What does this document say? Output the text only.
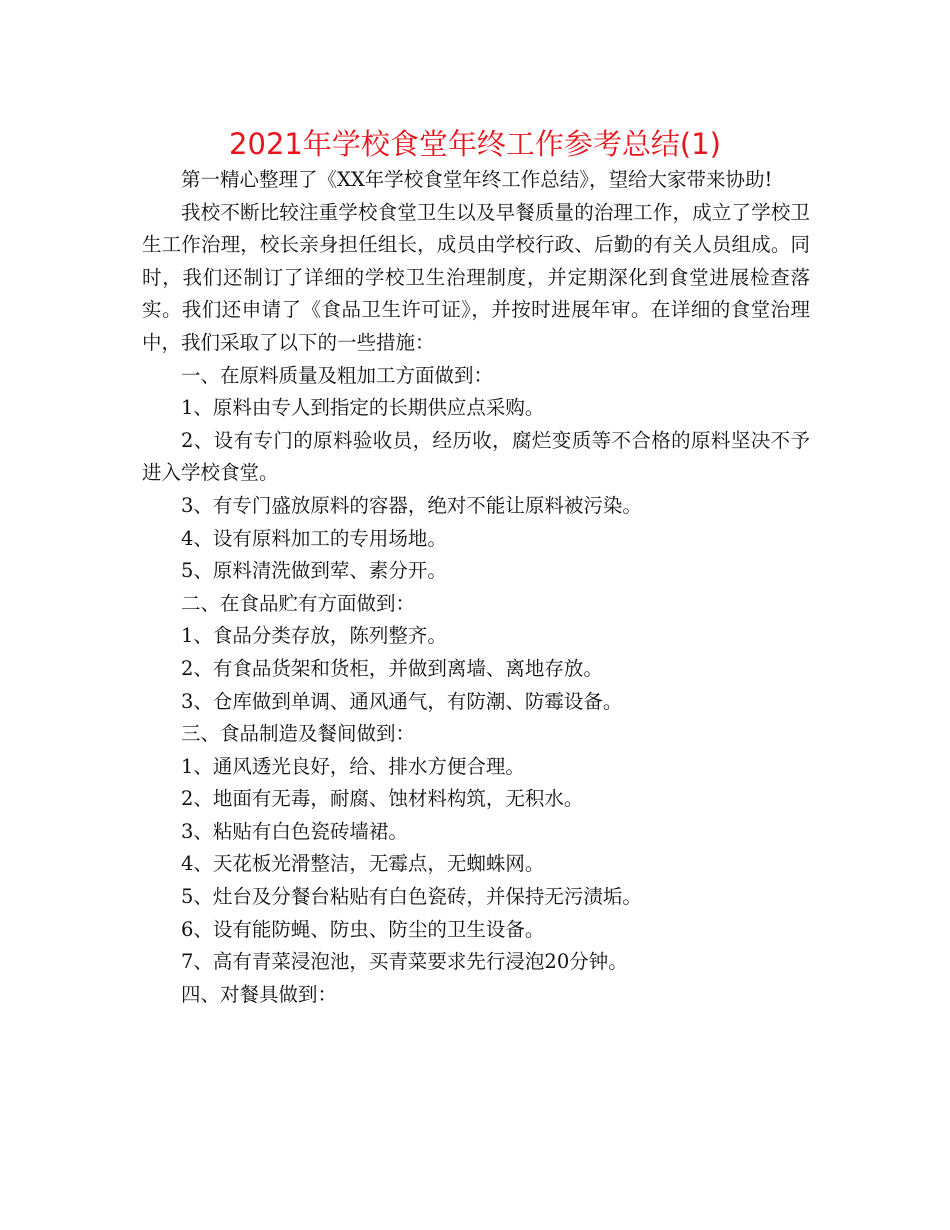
2021年学校食堂年终工作参考总结(1)

第一精心整理了《XX年学校食堂年终工作总结》，望给大家带来协助!

我校不断比较注重学校食堂卫生以及早餐质量的治理工作，成立了学校卫生工作治理，校长亲身担任组长，成员由学校行政、后勤的有关人员组成。同时，我们还制订了详细的学校卫生治理制度，并定期深化到食堂进展检查落实。我们还申请了《食品卫生许可证》，并按时进展年审。在详细的食堂治理中，我们采取了以下的一些措施：

一、在原料质量及粗加工方面做到：

1、原料由专人到指定的长期供应点采购。

2、设有专门的原料验收员，经历收，腐烂变质等不合格的原料坚决不予进入学校食堂。

3、有专门盛放原料的容器，绝对不能让原料被污染。

4、设有原料加工的专用场地。

5、原料清洗做到荤、素分开。

二、在食品贮有方面做到：

1、食品分类存放，陈列整齐。

2、有食品货架和货柜，并做到离墙、离地存放。

3、仓库做到单调、通风通气，有防潮、防霉设备。

三、食品制造及餐间做到：

1、通风透光良好，给、排水方便合理。

2、地面有无毒，耐腐、蚀材料构筑，无积水。

3、粘贴有白色瓷砖墙裙。

4、天花板光滑整洁，无霉点，无蜘蛛网。

5、灶台及分餐台粘贴有白色瓷砖，并保持无污渍垢。

6、设有能防蝇、防虫、防尘的卫生设备。

7、高有青菜浸泡池，买青菜要求先行浸泡20分钟。

四、对餐具做到：
